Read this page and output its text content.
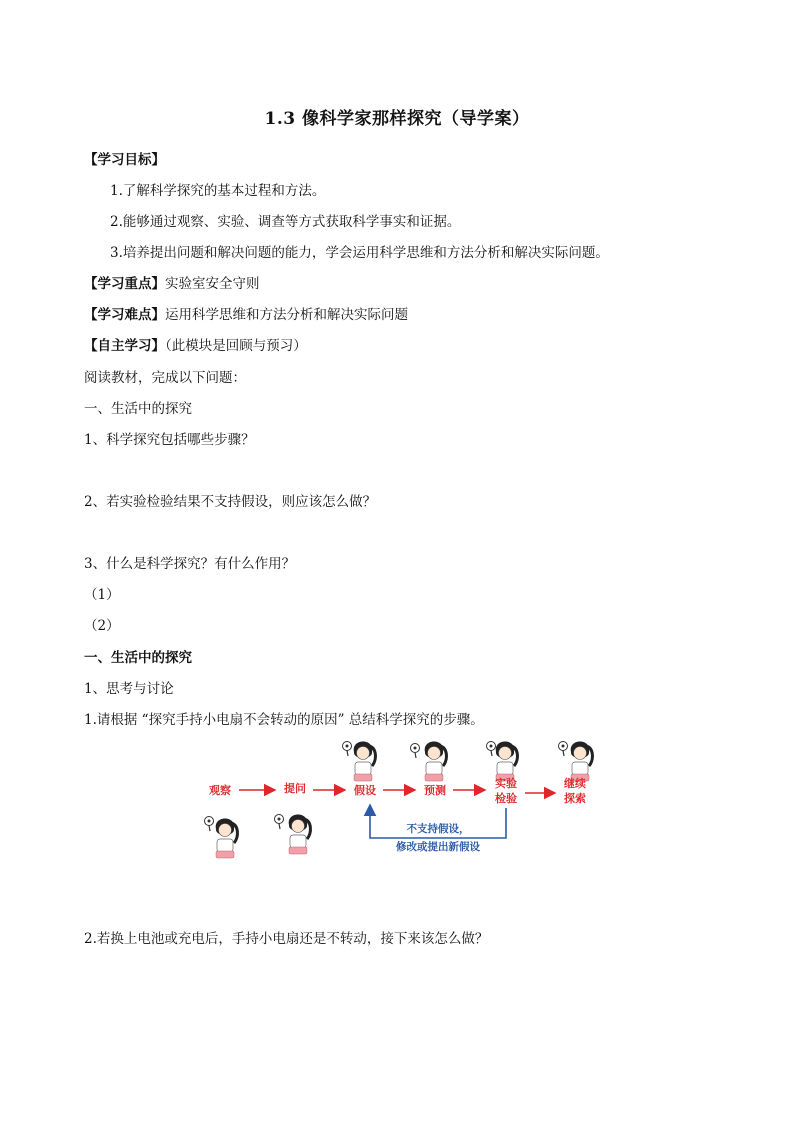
1.3 像科学家那样探究（导学案）
【学习目标】
1.了解科学探究的基本过程和方法。
2.能够通过观察、实验、调查等方式获取科学事实和证据。
3.培养提出问题和解决问题的能力，学会运用科学思维和方法分析和解决实际问题。
【学习重点】实验室安全守则
【学习难点】运用科学思维和方法分析和解决实际问题
【自主学习】（此模块是回顾与预习）
阅读教材，完成以下问题：
一、生活中的探究
1、科学探究包括哪些步骤？
2、若实验检验结果不支持假设，则应该怎么做？
3、什么是科学探究？有什么作用？
（1）
（2）
一、生活中的探究
1、思考与讨论
1.请根据 “探究手持小电扇不会转动的原因” 总结科学探究的步骤。
观察	提问	假设	预测
实验
检验
继续
探索
不支持假设，
修改或提出新假设
2.若换上电池或充电后，手持小电扇还是不转动，接下来该怎么做？
